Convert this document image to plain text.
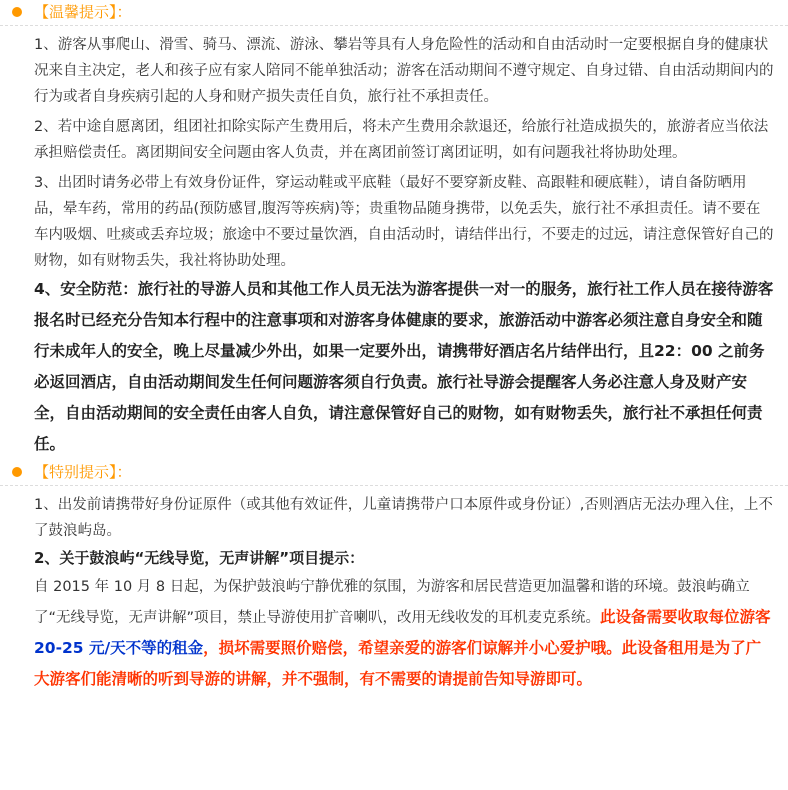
【温馨提示】：

1、游客从事爬山、滑雪、骑马、漂流、游泳、攀岩等具有人身危险性的活动和自由活动时一定要根据自身的健康状况来自主决定，老人和孩子应有家人陪同不能单独活动；游客在活动期间不遵守规定、自身过错、自由活动期间内的行为或者自身疾病引起的人身和财产损失责任自负，旅行社不承担责任。

2、若中途自愿离团，组团社扣除实际产生费用后，将未产生费用余款退还，给旅行社造成损失的，旅游者应当依法承担赔偿责任。离团期间安全问题由客人负责，并在离团前签订离团证明，如有问题我社将协助处理。

3、出团时请务必带上有效身份证件，穿运动鞋或平底鞋（最好不要穿新皮鞋、高跟鞋和硬底鞋），请自备防晒用品，晕车药，常用的药品(预防感冒,腹泻等疾病)等；贵重物品随身携带，以免丢失，旅行社不承担责任。请不要在车内吸烟、吐痰或丢弃垃圾；旅途中不要过量饮酒，自由活动时，请结伴出行，不要走的过远，请注意保管好自己的财物，如有财物丢失，我社将协助处理。

4、安全防范：旅行社的导游人员和其他工作人员无法为游客提供一对一的服务，旅行社工作人员在接待游客报名时已经充分告知本行程中的注意事项和对游客身体健康的要求，旅游活动中游客必须注意自身安全和随行未成年人的安全，晚上尽量减少外出，如果一定要外出，请携带好酒店名片结伴出行，且22：00 之前务必返回酒店，自由活动期间发生任何问题游客须自行负责。旅行社导游会提醒客人务必注意人身及财产安全，自由活动期间的安全责任由客人自负，请注意保管好自己的财物，如有财物丢失，旅行社不承担任何责任。

【特别提示】：

1、出发前请携带好身份证原件（或其他有效证件，儿童请携带户口本原件或身份证）,否则酒店无法办理入住，上不了鼓浪屿岛。

2、关于鼓浪屿“无线导览，无声讲解”项目提示：

自 2015 年 10 月 8 日起，为保护鼓浪屿宁静优雅的氛围，为游客和居民营造更加温馨和谐的环境。鼓浪屿确立了“无线导览，无声讲解”项目，禁止导游使用扩音喇叭，改用无线收发的耳机麦克系统。此设备需要收取每位游客 20-25 元/天不等的租金，损坏需要照价赔偿，希望亲爱的游客们谅解并小心爱护哦。此设备租用是为了广大游客们能清晰的听到导游的讲解，并不强制，有不需要的请提前告知导游即可。
